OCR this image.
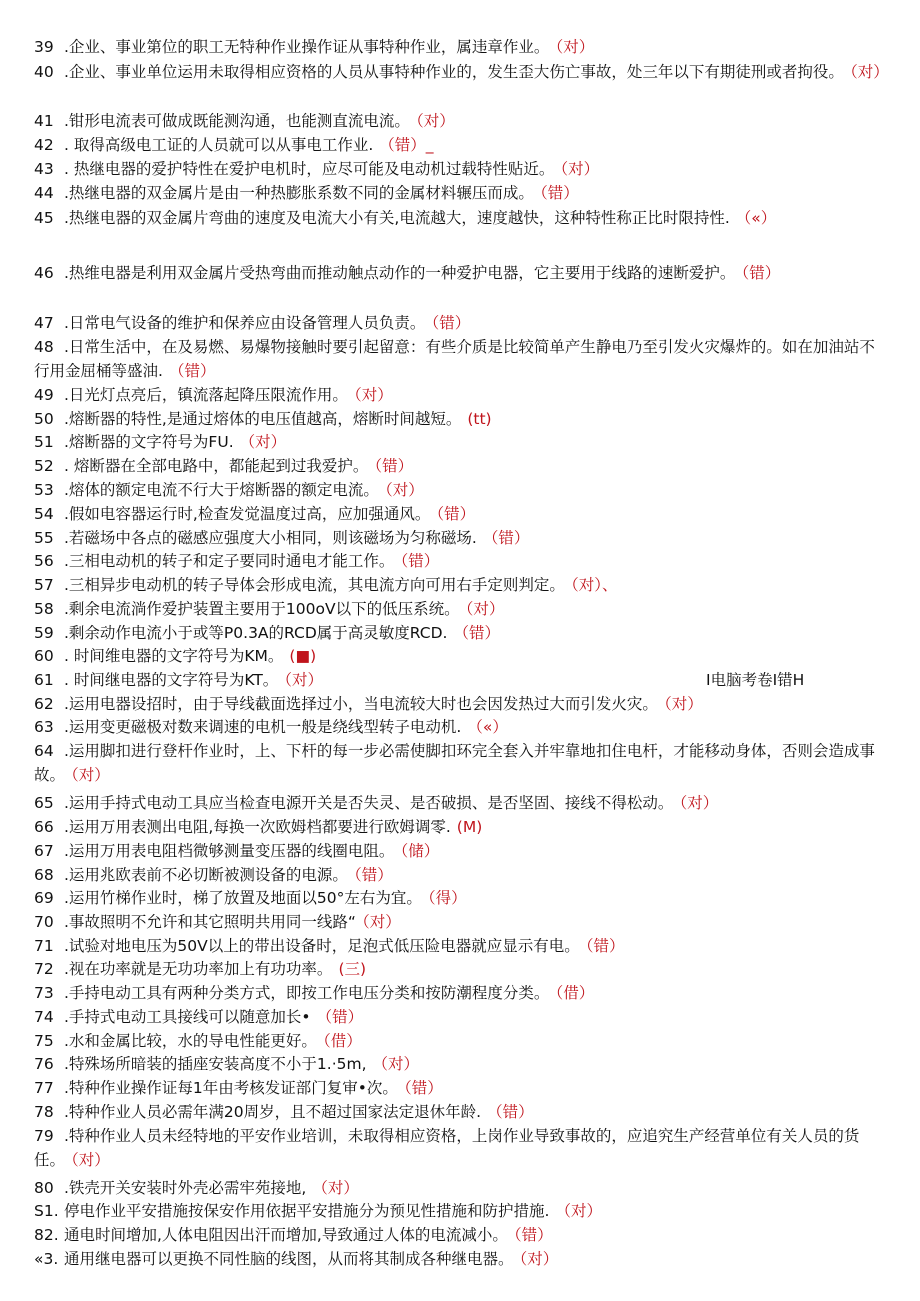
39 .企业、事业第位的职工无特种作业操作证从事特种作业，属违章作业。 （对）
40 .企业、事业单位运用未取得相应资格的人员从事特种作业的，发生歪大伤亡事故，处三年以下有期徒刑或者拘役。 （对）
41 .钳形电流表可做成既能测沟通，也能测直流电流。 （对）
42 . 取得高级电工证的人员就可以从事电工作业. （错）_
43 . 热继电器的爱护特性在爱护电机时，应尽可能及电动机过载特性贴近。 （对）
44 .热继电器的双金属片是由一种热膨胀系数不同的金属材料辗压而成。 （错）
45 .热继电器的双金属片弯曲的速度及电流大小有关,电流越大，速度越快，这种特性称正比时限持性. （«）
46 .热维电器是利用双金属片受热弯曲而推动触点动作的一种爱护电器，它主要用于线路的速断爱护。 （错）
47 .日常电气设备的维护和保养应由设备管理人员负责。 （错）
48 .日常生活中，在及易燃、易爆物接触时要引起留意：有些介质是比较简单产生静电乃至引发火灾爆炸的。如在加油站不行用金屈桶等盛油. （错）
49 .日光灯点亮后，镇流落起降压限流作用。 （对）
50 .熔断器的特性,是通过熔体的电压值越高，熔断时间越短。 (tt)
51 .熔断器的文字符号为FU. （对）
52 . 熔断器在全部电路中，都能起到过我爱护。 （错）
53 .熔体的额定电流不行大于熔断器的额定电流。 （对）
54 .假如电容器运行时,检查发觉温度过高，应加强通风。 （错）
55 .若磁场中各点的磁感应强度大小相同，则该磁场为匀称磁场. （错）
56 .三相电动机的转子和定子要同时通电才能工作。 （错）
57 .三相异步电动机的转子导体会形成电流，其电流方向可用右手定则判定。 （对）、
58 .剩余电流淌作爱护装置主要用于100oV以下的低压系统。 （对）
59 .剩余动作电流小于或等P0.3A的RCD属于高灵敏度RCD. （错）
60 . 时间维电器的文字符号为KM。 (■)
61 . 时间继电器的文字符号为KT。 （对）
62 .运用电器设招时，由于导线截面选择过小，当电流较大时也会因发热过大而引发火灾。 （对）
63 .运用变更磁极对数来调速的电机一般是绕线型转子电动机. （«）
64 .运用脚扣进行登杆作业时，上、下杆的每一步必需使脚扣环完全套入并牢靠地扣住电杆，才能移动身体，否则会造成事故。 （对）
65 .运用手持式电动工具应当检查电源开关是否失灵、是否破损、是否坚固、接线不得松动。 （对）
66 .运用万用表测出电阻,每换一次欧姆档都要进行欧姆调零. (M)
67 .运用万用表电阻档微够测量变压器的线圈电阻。 （储）
68 .运用兆欧表前不必切断被测设备的电源。 （错）
69 .运用竹梯作业时，梯了放置及地面以50°左右为宜。 （得）
70 .事故照明不允许和其它照明共用同一线路“ （对）
71 .试验对地电压为50V以上的带出设备时，足泡式低压险电器就应显示有电。 （错）
72 .视在功率就是无功功率加上有功功率。 (三)
73 .手持电动工具有两种分类方式，即按工作电压分类和按防潮程度分类。 （借）
74 .手持式电动工具接线可以随意加长• （错）
75 .水和金属比较，水的导电性能更好。 （借）
76 .特殊场所暗装的插座安装高度不小于1.·5m, （对）
77 .特种作业操作证每1年由考核发证部门复审•次。 （错）
78 .特种作业人员必需年满20周岁，且不超过国家法定退休年龄. （错）
79 .特种作业人员未经特地的平安作业培训，未取得相应资格，上岗作业导致事故的，应追究生产经营单位有关人员的货任。 （对）
80 .铁壳开关安装时外壳必需牢苑接地, （对）
S1. 停电作业平安措施按保安作用依据平安措施分为预见性措施和防护措施. （对）
82. 通电时间增加,人体电阻因出汗而增加,导致通过人体的电流减小。 （错）
«3. 通用继电器可以更换不同性脑的线图，从而将其制成各种继电器。 （对）
I电脑考卷I错H
